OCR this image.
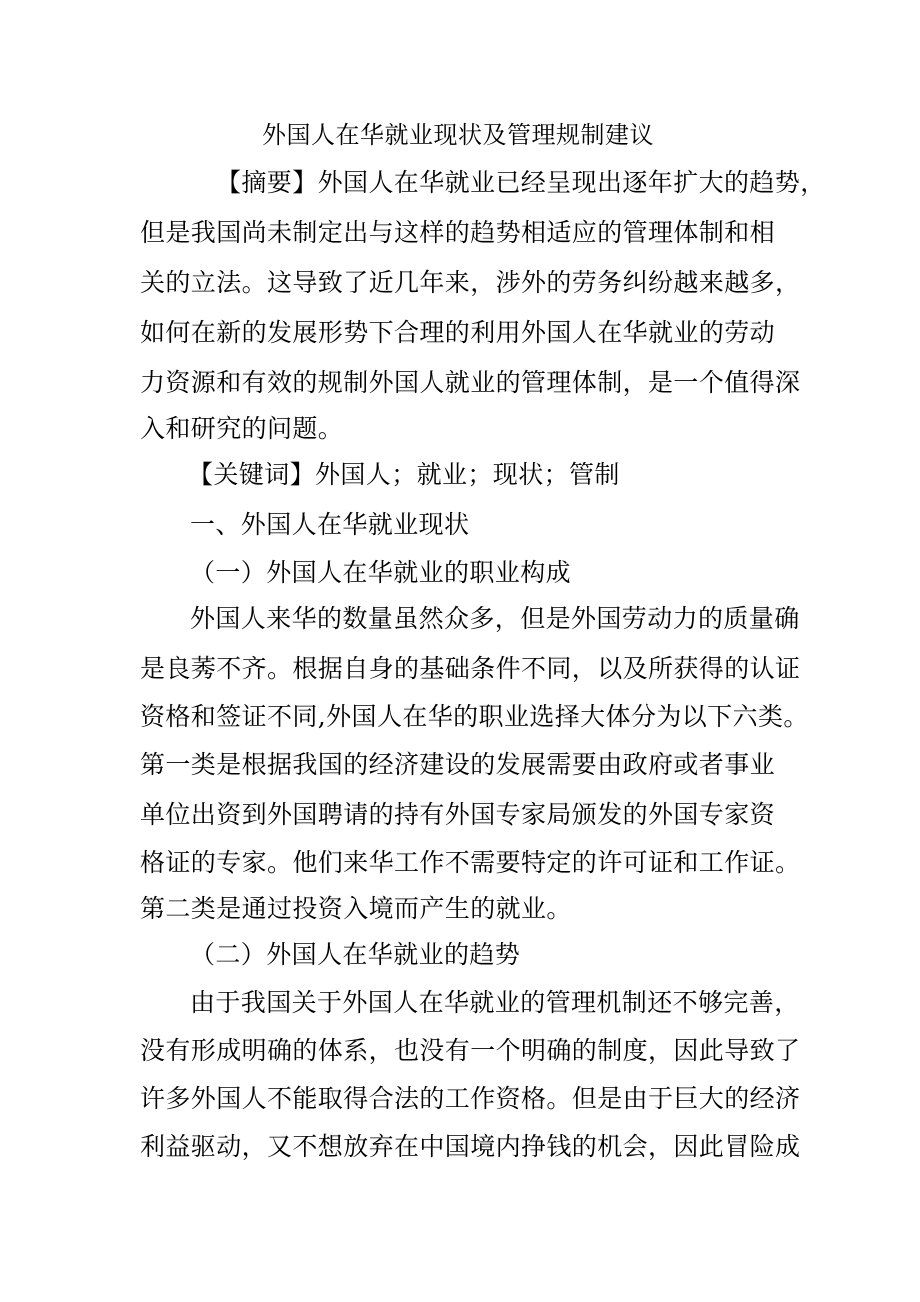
外国人在华就业现状及管理规制建议
【摘要】外国人在华就业已经呈现出逐年扩大的趋势，
但是我国尚未制定出与这样的趋势相适应的管理体制和相
关的立法。这导致了近几年来，涉外的劳务纠纷越来越多，
如何在新的发展形势下合理的利用外国人在华就业的劳动
力资源和有效的规制外国人就业的管理体制，是一个值得深
入和研究的问题。
【关键词】外国人；就业；现状；管制
一、外国人在华就业现状
（一）外国人在华就业的职业构成
外国人来华的数量虽然众多，但是外国劳动力的质量确
是良莠不齐。根据自身的基础条件不同，以及所获得的认证
资格和签证不同,外国人在华的职业选择大体分为以下六类。
第一类是根据我国的经济建设的发展需要由政府或者事业
单位出资到外国聘请的持有外国专家局颁发的外国专家资
格证的专家。他们来华工作不需要特定的许可证和工作证。
第二类是通过投资入境而产生的就业。
（二）外国人在华就业的趋势
由于我国关于外国人在华就业的管理机制还不够完善，
没有形成明确的体系，也没有一个明确的制度，因此导致了
许多外国人不能取得合法的工作资格。但是由于巨大的经济
利益驱动，又不想放弃在中国境内挣钱的机会，因此冒险成
